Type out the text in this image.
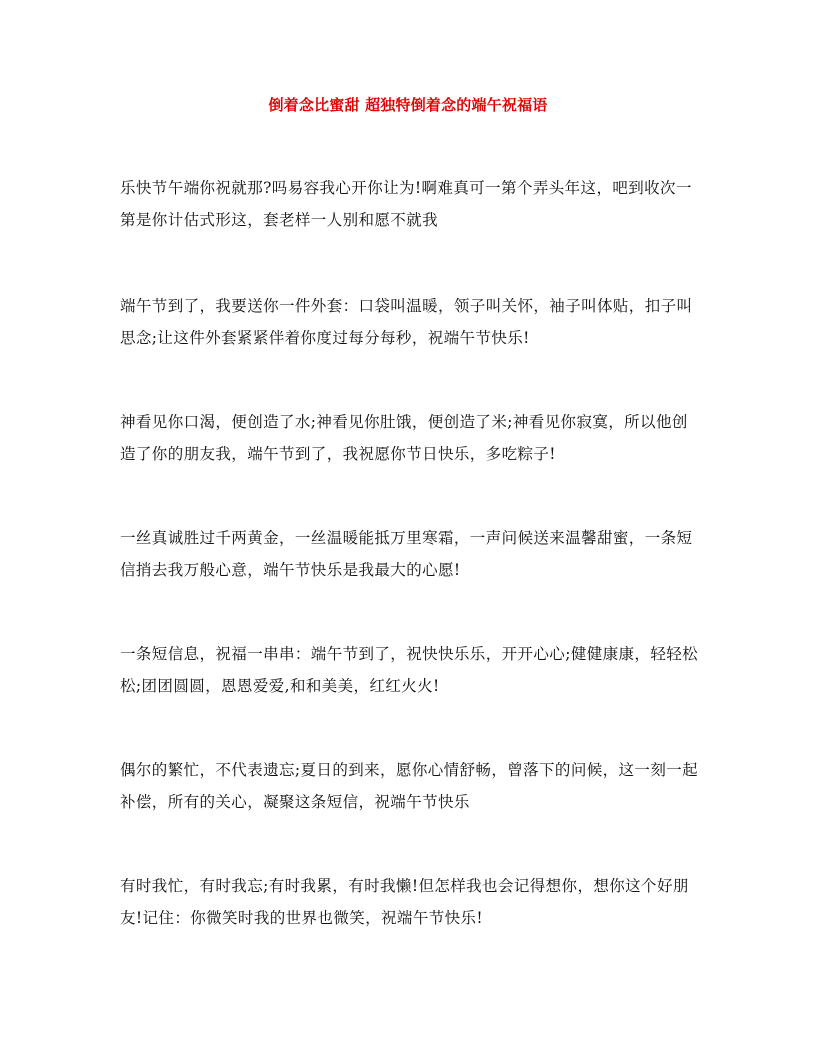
倒着念比蜜甜 超独特倒着念的端午祝福语
乐快节午端你祝就那?吗易容我心开你让为!啊难真可一第个弄头年这，吧到收次一第是你计估式形这，套老样一人别和愿不就我
端午节到了，我要送你一件外套：口袋叫温暖，领子叫关怀，袖子叫体贴，扣子叫思念;让这件外套紧紧伴着你度过每分每秒，祝端午节快乐!
神看见你口渴，便创造了水;神看见你肚饿，便创造了米;神看见你寂寞，所以他创造了你的朋友我，端午节到了，我祝愿你节日快乐，多吃粽子!
一丝真诚胜过千两黄金，一丝温暖能抵万里寒霜，一声问候送来温馨甜蜜，一条短信捎去我万般心意，端午节快乐是我最大的心愿!
一条短信息，祝福一串串：端午节到了，祝快快乐乐，开开心心;健健康康，轻轻松松;团团圆圆，恩恩爱爱,和和美美，红红火火!
偶尔的繁忙，不代表遗忘;夏日的到来，愿你心情舒畅，曾落下的问候，这一刻一起补偿，所有的关心，凝聚这条短信，祝端午节快乐
有时我忙，有时我忘;有时我累，有时我懒!但怎样我也会记得想你，想你这个好朋友!记住：你微笑时我的世界也微笑，祝端午节快乐!
